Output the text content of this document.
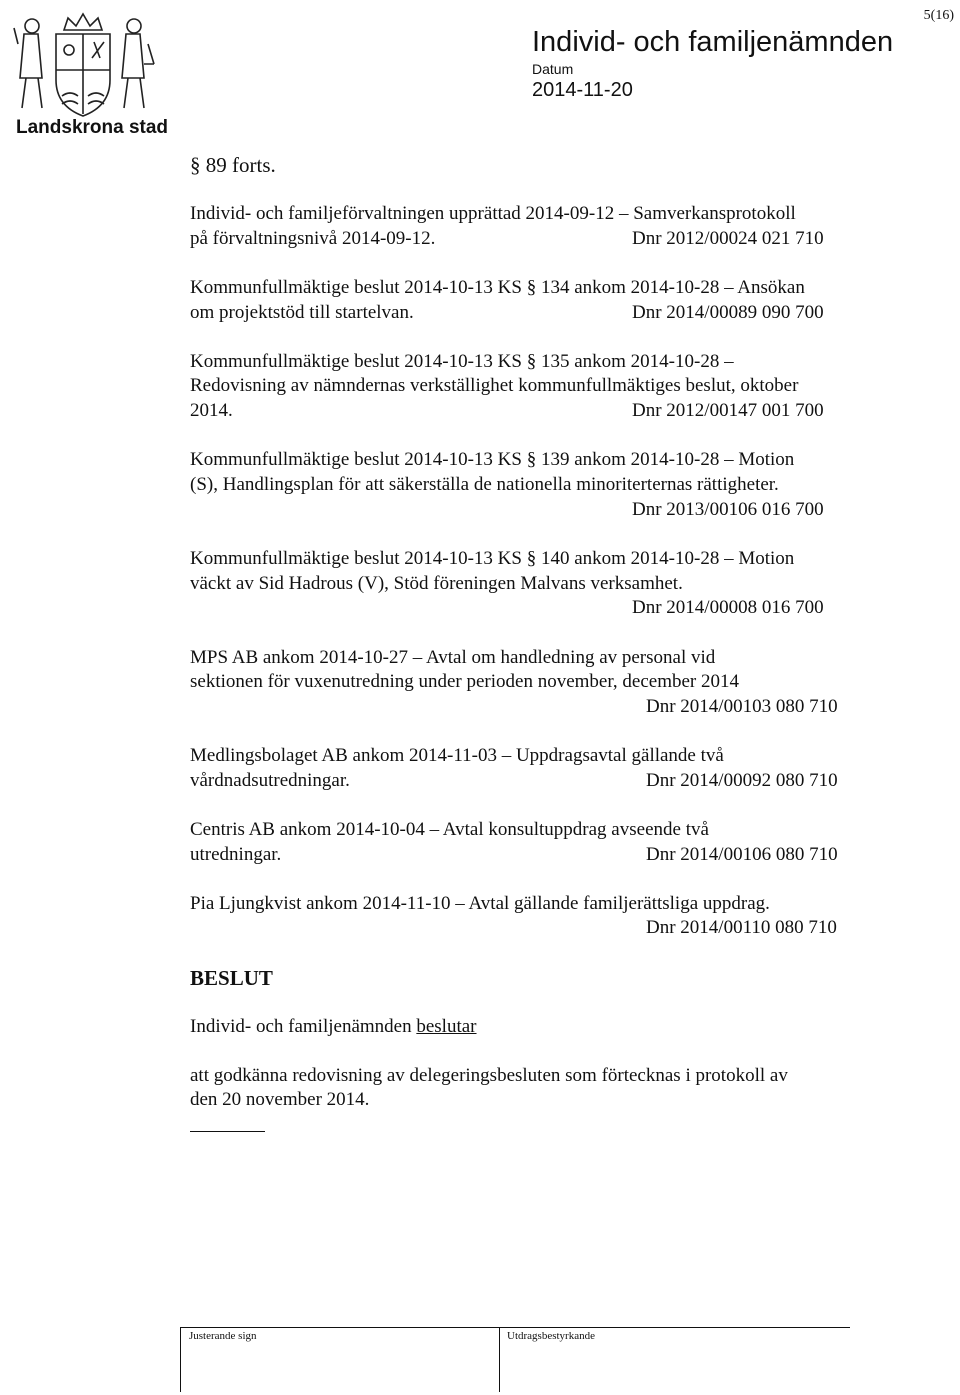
Landskrona stad
Individ- och familjenämnden
Datum
2014-11-20
5(16)
§ 89 forts.
Individ- och familjeförvaltningen upprättad 2014-09-12 – Samverkansprotokoll
på förvaltningsnivå 2014-09-12.	Dnr 2012/00024 021 710
Kommunfullmäktige beslut 2014-10-13 KS § 134 ankom 2014-10-28 – Ansökan
om projektstöd till startelvan.	Dnr 2014/00089 090 700
Kommunfullmäktige beslut 2014-10-13 KS § 135 ankom 2014-10-28 –
Redovisning av nämndernas verkställighet kommunfullmäktiges beslut, oktober
2014.	Dnr 2012/00147 001 700
Kommunfullmäktige beslut 2014-10-13 KS § 139 ankom 2014-10-28 – Motion
(S), Handlingsplan för att säkerställa de nationella minoriterternas rättigheter.
Dnr 2013/00106 016 700
Kommunfullmäktige beslut 2014-10-13 KS § 140 ankom 2014-10-28 – Motion
väckt av Sid Hadrous (V), Stöd föreningen Malvans verksamhet.
Dnr 2014/00008 016 700
MPS AB ankom 2014-10-27 – Avtal om handledning av personal vid
sektionen för vuxenutredning under perioden november, december 2014
Dnr 2014/00103 080 710
Medlingsbolaget AB ankom 2014-11-03 – Uppdragsavtal gällande två
vårdnadsutredningar.	Dnr 2014/00092 080 710
Centris AB ankom 2014-10-04 – Avtal konsultuppdrag avseende två
utredningar.	Dnr 2014/00106 080 710
Pia Ljungkvist ankom 2014-11-10 – Avtal gällande familjerättsliga uppdrag.
Dnr 2014/00110 080 710
BESLUT
Individ- och familjenämnden beslutar
att godkänna redovisning av delegeringsbesluten som förtecknas i protokoll av
den 20 november 2014.
Justerande sign	Utdragsbestyrkande
